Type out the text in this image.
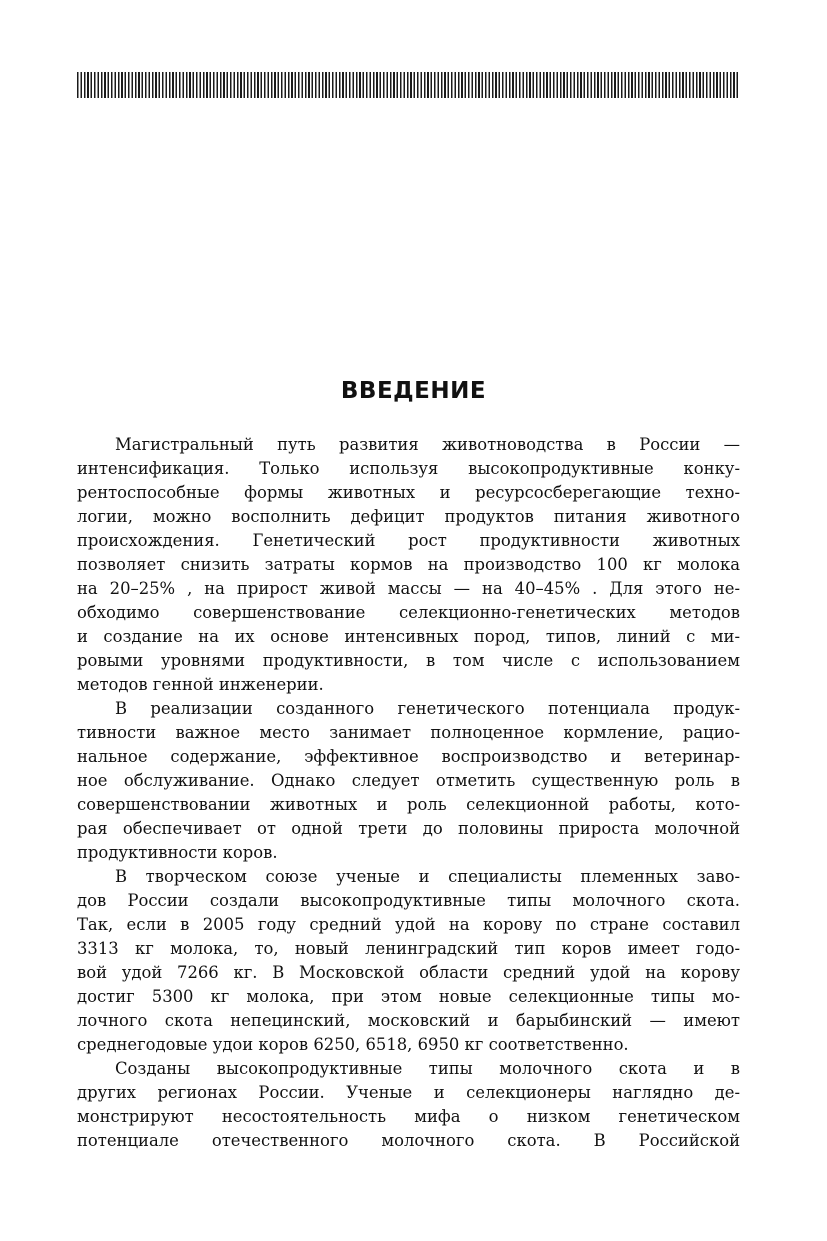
ВВЕДЕНИЕ

Магистральный путь развития животноводства в России —
интенсификация. Только используя высокопродуктивные конку-
рентоспособные формы животных и ресурсосберегающие техно-
логии, можно восполнить дефицит продуктов питания животного
происхождения. Генетический рост продуктивности животных
позволяет снизить затраты кормов на производство 100 кг молока
на 20–25% , на прирост живой массы — на 40–45% . Для этого не-
обходимо совершенствование селекционно-генетических методов
и создание на их основе интенсивных пород, типов, линий с ми-
ровыми уровнями продуктивности, в том числе с использованием
методов генной инженерии.

В реализации созданного генетического потенциала продук-
тивности важное место занимает полноценное кормление, рацио-
нальное содержание, эффективное воспроизводство и ветеринар-
ное обслуживание. Однако следует отметить существенную роль в
совершенствовании животных и роль селекционной работы, кото-
рая обеспечивает от одной трети до половины прироста молочной
продуктивности коров.

В творческом союзе ученые и специалисты племенных заво-
дов России создали высокопродуктивные типы молочного скота.
Так, если в 2005 году средний удой на корову по стране составил
3313 кг молока, то, новый ленинградский тип коров имеет годо-
вой удой 7266 кг. В Московской области средний удой на корову
достиг 5300 кг молока, при этом новые селекционные типы мо-
лочного скота непецинский, московский и барыбинский — имеют
среднегодовые удои коров 6250, 6518, 6950 кг соответственно.

Созданы высокопродуктивные типы молочного скота и в
других регионах России. Ученые и селекционеры наглядно де-
монстрируют несостоятельность мифа о низком генетическом
потенциале отечественного молочного скота. В Российской
